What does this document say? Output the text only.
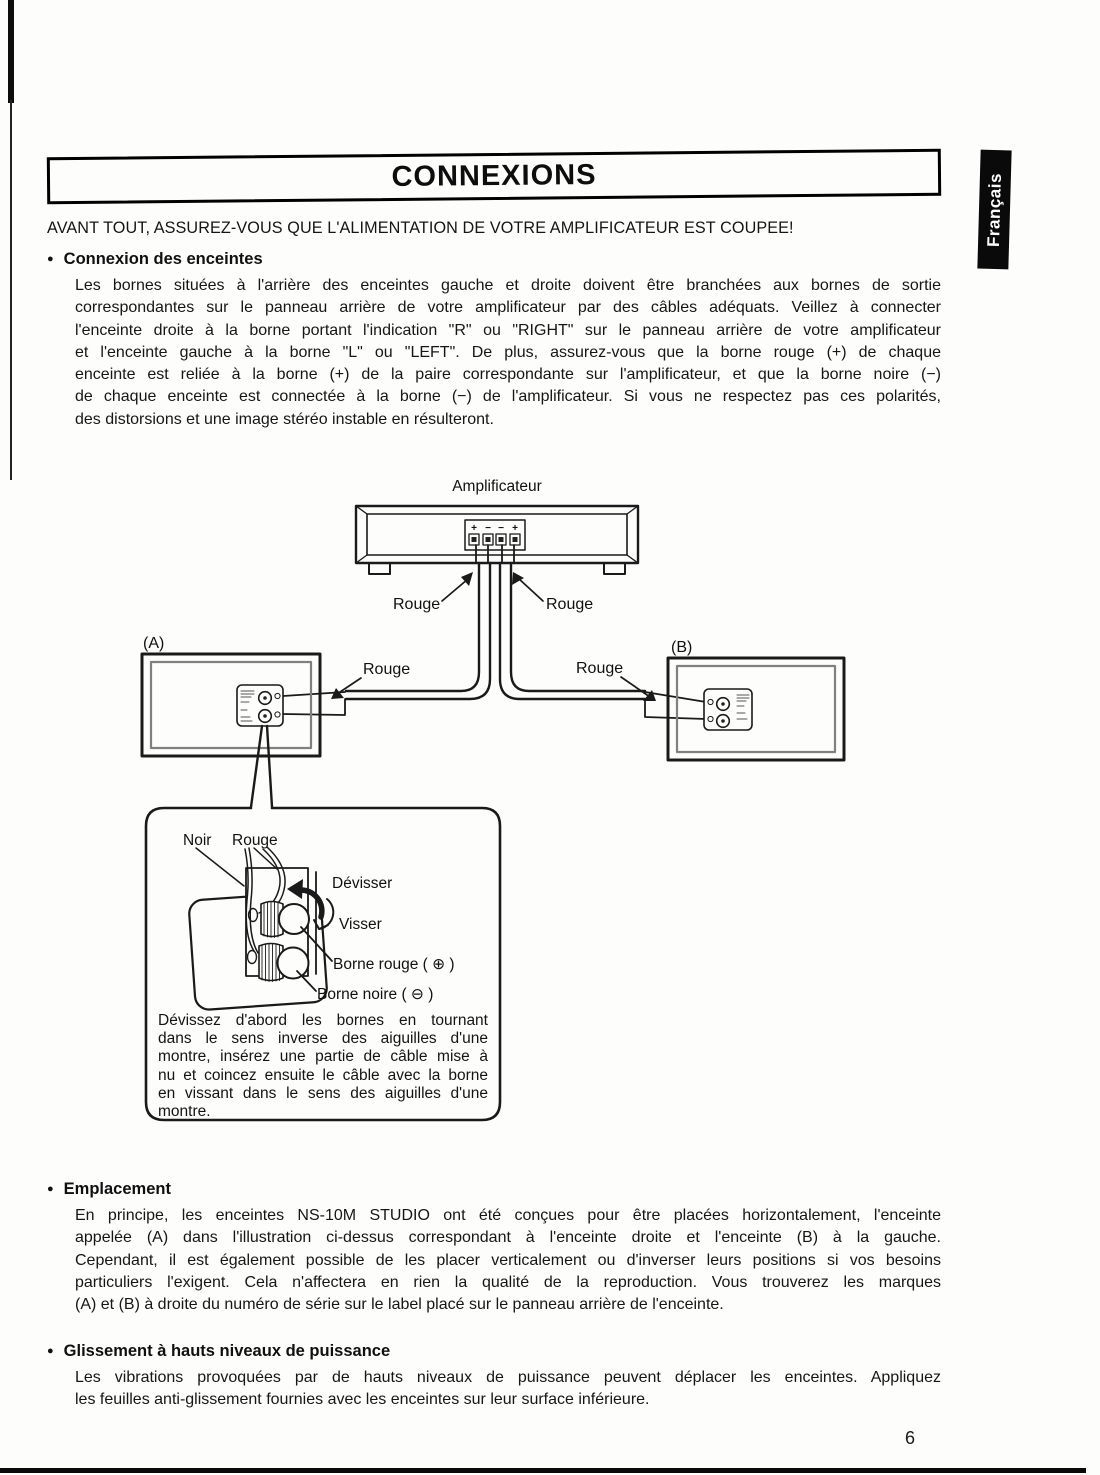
CONNEXIONS	Français
AVANT TOUT, ASSUREZ-VOUS QUE L'ALIMENTATION DE VOTRE AMPLIFICATEUR EST COUPEE!
● Connexion des enceintes
Les bornes situées à l'arrière des enceintes gauche et droite doivent être branchées aux bornes de sortie
correspondantes sur le panneau arrière de votre amplificateur par des câbles adéquats. Veillez à connecter
l'enceinte droite à la borne portant l'indication "R" ou "RIGHT" sur le panneau arrière de votre amplificateur
et l'enceinte gauche à la borne "L" ou "LEFT". De plus, assurez-vous que la borne rouge (+) de chaque
enceinte est reliée à la borne (+) de la paire correspondante sur l'amplificateur, et que la borne noire (−)
de chaque enceinte est connectée à la borne (−) de l'amplificateur. Si vous ne respectez pas ces polarités,
des distorsions et une image stéréo instable en résulteront.
● Emplacement
En principe, les enceintes NS-10M STUDIO ont été conçues pour être placées horizontalement, l'enceinte
appelée (A) dans l'illustration ci-dessus correspondant à l'enceinte droite et l'enceinte (B) à la gauche.
Cependant, il est également possible de les placer verticalement ou d'inverser leurs positions si vos besoins
particuliers l'exigent. Cela n'affectera en rien la qualité de la reproduction. Vous trouverez les marques
(A) et (B) à droite du numéro de série sur le label placé sur le panneau arrière de l'enceinte.
● Glissement à hauts niveaux de puissance
Les vibrations provoquées par de hauts niveaux de puissance peuvent déplacer les enceintes. Appliquez
les feuilles anti-glissement fournies avec les enceintes sur leur surface inférieure.
Dévissez d'abord les bornes en tournant
dans le sens inverse des aiguilles d'une
montre, insérez une partie de câble mise à
nu et coincez ensuite le câble avec la borne
en vissant dans le sens des aiguilles d'une
montre.
6
Amplificateur
+ − − +
Rouge	Rouge
Rouge	Rouge
(A)	(B)
Noir Rouge
Dévisser
Visser
Borne rouge ( ⊕ )
Borne noire ( ⊖ )
